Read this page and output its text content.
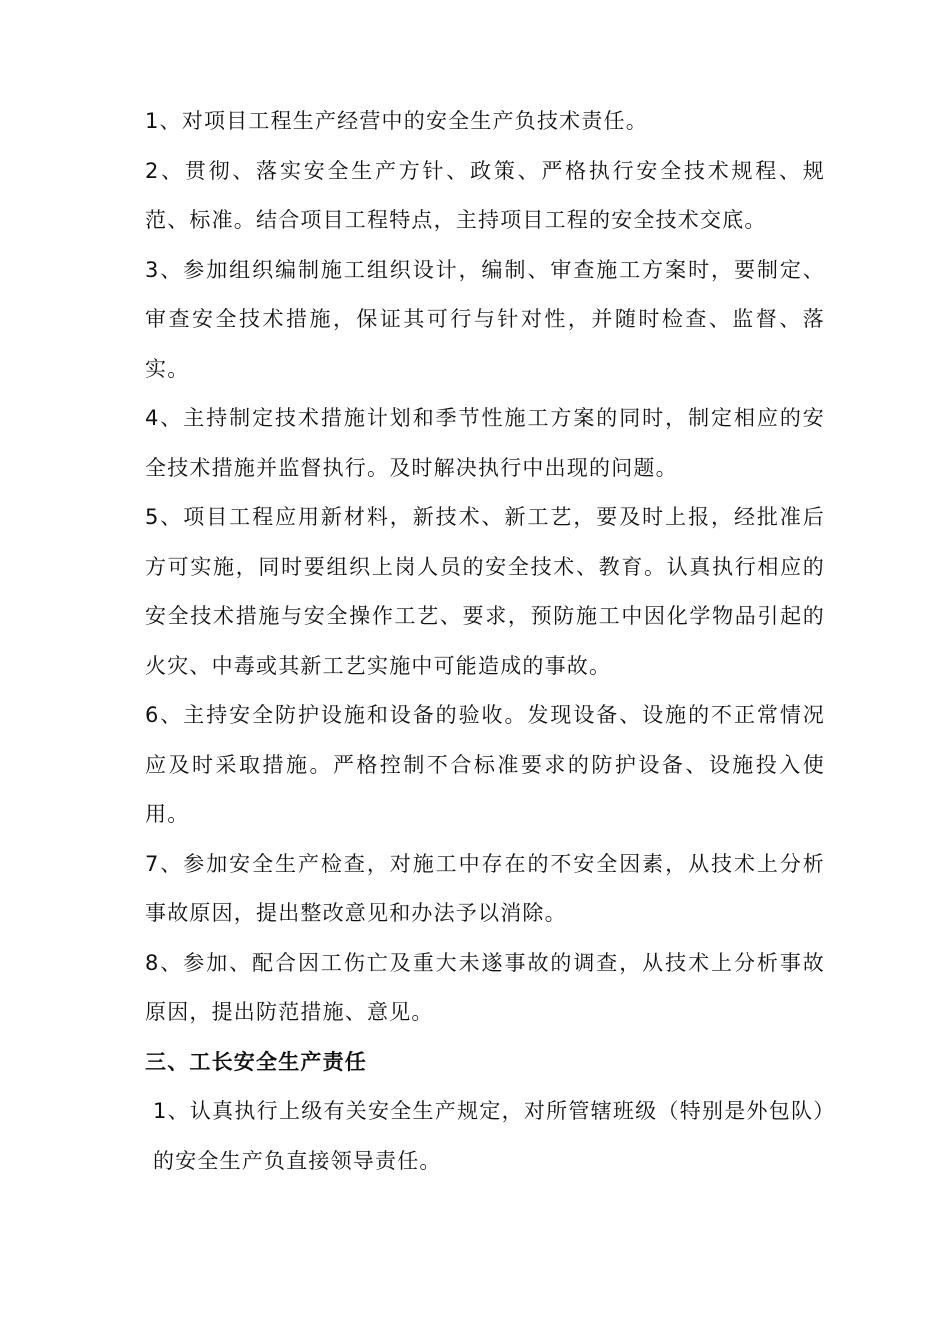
1、对项目工程生产经营中的安全生产负技术责任。

2、贯彻、落实安全生产方针、政策、严格执行安全技术规程、规范、标准。结合项目工程特点，主持项目工程的安全技术交底。

3、参加组织编制施工组织设计，编制、审查施工方案时，要制定、审查安全技术措施，保证其可行与针对性，并随时检查、监督、落实。

4、主持制定技术措施计划和季节性施工方案的同时，制定相应的安全技术措施并监督执行。及时解决执行中出现的问题。

5、项目工程应用新材料，新技术、新工艺，要及时上报，经批准后方可实施，同时要组织上岗人员的安全技术、教育。认真执行相应的安全技术措施与安全操作工艺、要求，预防施工中因化学物品引起的火灾、中毒或其新工艺实施中可能造成的事故。

6、主持安全防护设施和设备的验收。发现设备、设施的不正常情况应及时采取措施。严格控制不合标准要求的防护设备、设施投入使用。

7、参加安全生产检查，对施工中存在的不安全因素，从技术上分析事故原因，提出整改意见和办法予以消除。

8、参加、配合因工伤亡及重大未遂事故的调查，从技术上分析事故原因，提出防范措施、意见。

三、工长安全生产责任

1、认真执行上级有关安全生产规定，对所管辖班级（特别是外包队）的安全生产负直接领导责任。
